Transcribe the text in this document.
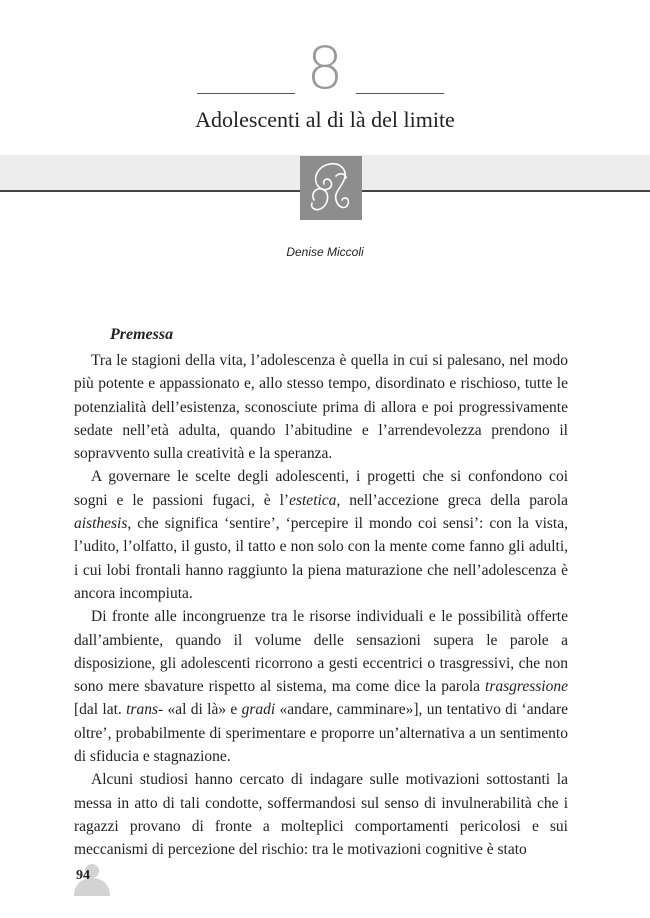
8
Adolescenti al di là del limite
Denise Miccoli
Premessa

Tra le stagioni della vita, l’adolescenza è quella in cui si palesano, nel modo più potente e appassionato e, allo stesso tempo, disordinato e rischioso, tutte le potenzialità dell’esistenza, sconosciute prima di allora e poi progressivamente sedate nell’età adulta, quando l’abitudine e l’arrendevolezza prendono il sopravvento sulla creatività e la speranza.

A governare le scelte degli adolescenti, i progetti che si confondono coi sogni e le passioni fugaci, è l’estetica, nell’accezione greca della parola aisthesis, che significa ‘sentire’, ‘percepire il mondo coi sensi’: con la vista, l’udito, l’olfatto, il gusto, il tatto e non solo con la mente come fanno gli adulti, i cui lobi frontali hanno raggiunto la piena maturazione che nell’adolescenza è ancora incompiuta.

Di fronte alle incongruenze tra le risorse individuali e le possibilità offerte dall’ambiente, quando il volume delle sensazioni supera le parole a disposizione, gli adolescenti ricorrono a gesti eccentrici o trasgressivi, che non sono mere sbavature rispetto al sistema, ma come dice la parola trasgressione [dal lat. trans- «al di là» e gradi «andare, camminare»], un tentativo di ‘andare oltre’, probabilmente di sperimentare e proporre un’alternativa a un sentimento di sfiducia e stagnazione.

Alcuni studiosi hanno cercato di indagare sulle motivazioni sottostanti la messa in atto di tali condotte, soffermandosi sul senso di invulnerabilità che i ragazzi provano di fronte a molteplici comportamenti pericolosi e sui meccanismi di percezione del rischio: tra le motivazioni cognitive è stato

94
